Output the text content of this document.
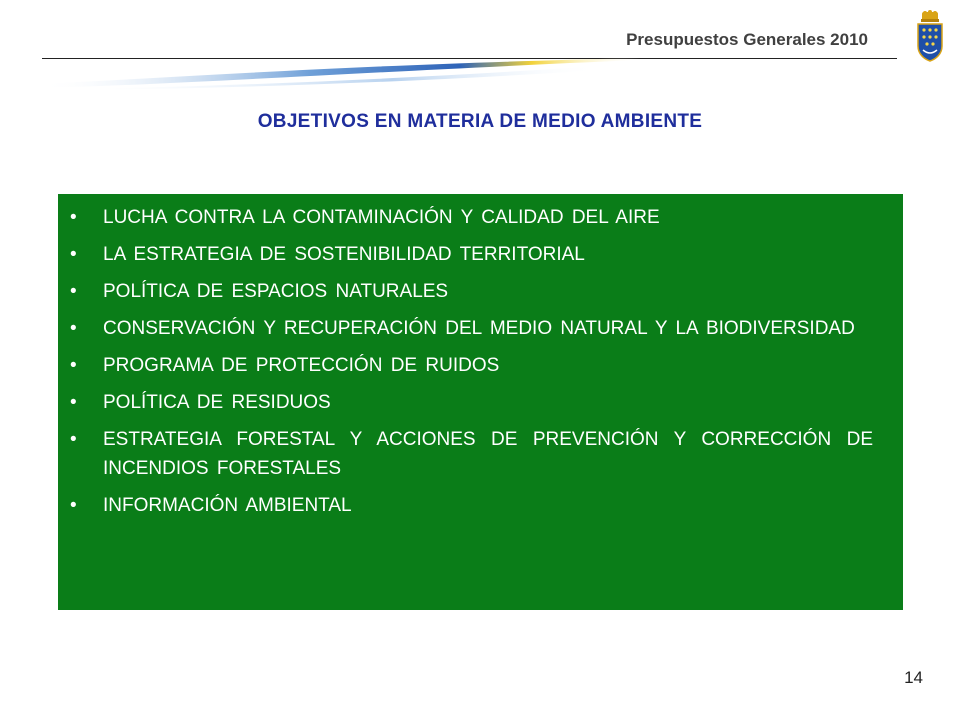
Presupuestos Generales 2010
OBJETIVOS EN MATERIA DE MEDIO AMBIENTE
• LUCHA CONTRA LA CONTAMINACIÓN Y CALIDAD DEL AIRE
• LA ESTRATEGIA DE SOSTENIBILIDAD TERRITORIAL
• POLÍTICA DE ESPACIOS NATURALES
• CONSERVACIÓN Y RECUPERACIÓN DEL MEDIO NATURAL Y LA BIODIVERSIDAD
• PROGRAMA DE PROTECCIÓN DE RUIDOS
• POLÍTICA DE RESIDUOS
• ESTRATEGIA FORESTAL Y ACCIONES DE PREVENCIÓN Y CORRECCIÓN DE INCENDIOS FORESTALES
• INFORMACIÓN AMBIENTAL
14
